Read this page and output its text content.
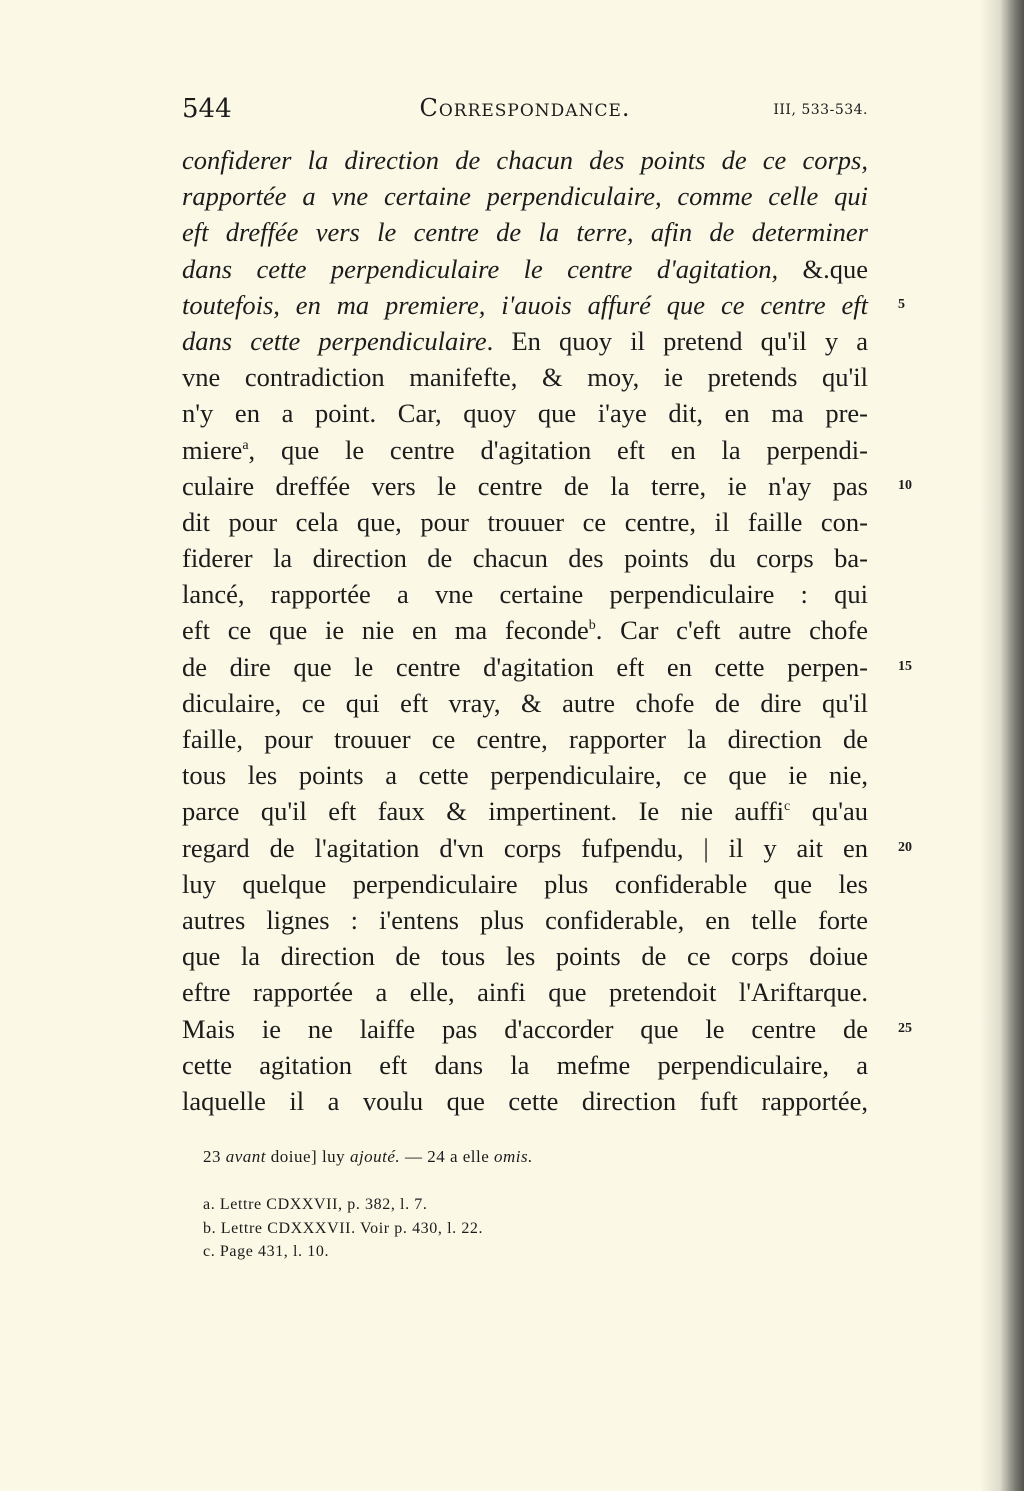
544	Correspondance.	III, 533-534.
confiderer la direction de chacun des points de ce corps,
rapportée a vne certaine perpendiculaire, comme celle qui
eft dreffée vers le centre de la terre, afin de determiner
dans cette perpendiculaire le centre d'agitation, &.que
toutefois, en ma premiere, i'auois affuré que ce centre eft 5
dans cette perpendiculaire. En quoy il pretend qu'il y a
vne contradiction manifefte, & moy, ie pretends qu'il
n'y en a point. Car, quoy que i'aye dit, en ma pre-
miere$^a$, que le centre d'agitation eft en la perpendi-
culaire dreffée vers le centre de la terre, ie n'ay pas 10
dit pour cela que, pour trouuer ce centre, il faille con-
fiderer la direction de chacun des points du corps ba-
lancé, rapportée a vne certaine perpendiculaire : qui
eft ce que ie nie en ma feconde$^b$. Car c'eft autre chofe
de dire que le centre d'agitation eft en cette perpen- 15
diculaire, ce qui eft vray, & autre chofe de dire qu'il
faille, pour trouuer ce centre, rapporter la direction de
tous les points a cette perpendiculaire, ce que ie nie,
parce qu'il eft faux & impertinent. Ie nie auffi$^c$ qu'au
regard de l'agitation d'vn corps fufpendu, | il y ait en 20
luy quelque perpendiculaire plus confiderable que les
autres lignes : i'entens plus confiderable, en telle forte
que la direction de tous les points de ce corps doiue
eftre rapportée a elle, ainfi que pretendoit l'Ariftarque.
Mais ie ne laiffe pas d'accorder que le centre de 25
cette agitation eft dans la mefme perpendiculaire, a
laquelle il a voulu que cette direction fuft rapportée,
23 avant doiue] luy ajouté. — 24 a elle omis.
a. Lettre CDXXVII, p. 382, l. 7.
b. Lettre CDXXXVII. Voir p. 430, l. 22.
c. Page 431, l. 10.
